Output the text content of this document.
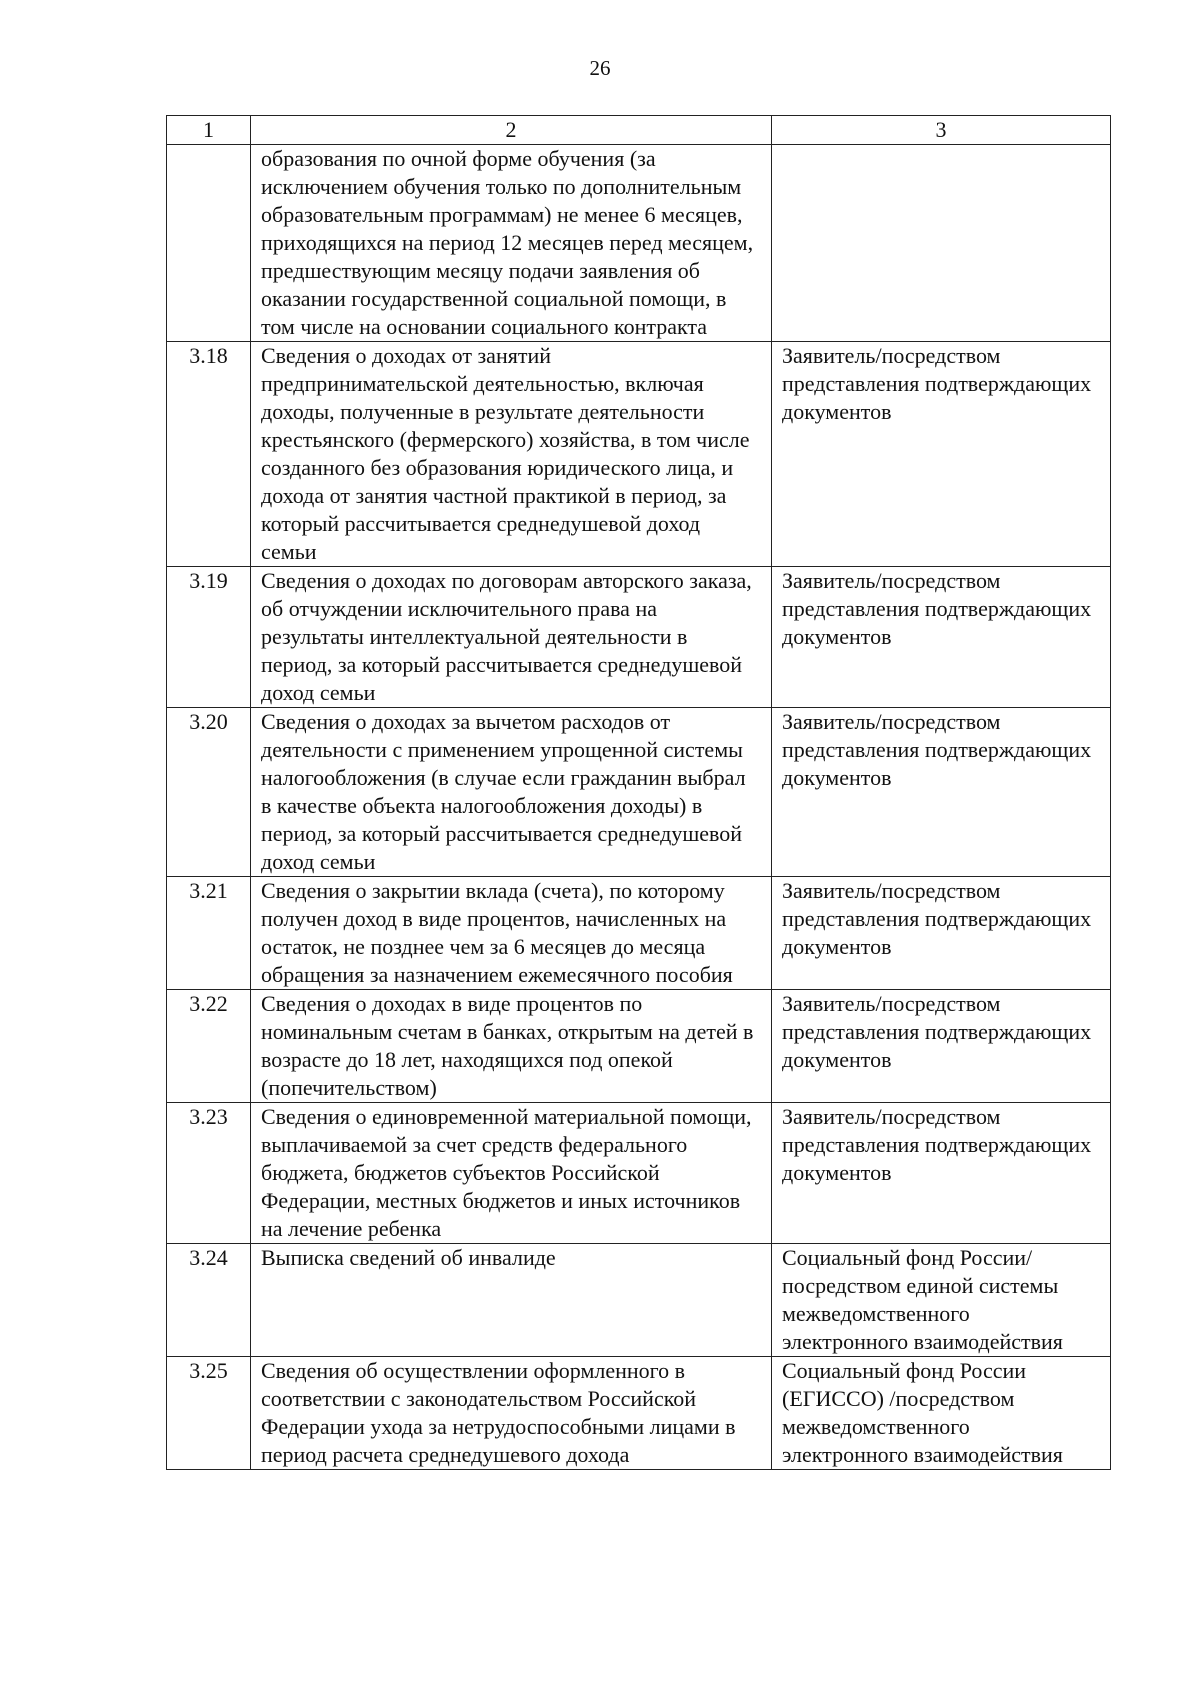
26
1	2	3
	образования по очной форме обучения (за исключением обучения только по дополнительным образовательным программам) не менее 6 месяцев, приходящихся на период 12 месяцев перед месяцем, предшествующим месяцу подачи заявления об оказании государственной социальной помощи, в том числе на основании социального контракта	
3.18	Сведения о доходах от занятий предпринимательской деятельностью, включая доходы, полученные в результате деятельности крестьянского (фермерского) хозяйства, в том числе созданного без образования юридического лица, и дохода от занятия частной практикой в период, за который рассчитывается среднедушевой доход семьи	Заявитель/посредством представления подтверждающих документов
3.19	Сведения о доходах по договорам авторского заказа, об отчуждении исключительного права на результаты интеллектуальной деятельности в период, за который рассчитывается среднедушевой доход семьи	Заявитель/посредством представления подтверждающих документов
3.20	Сведения о доходах за вычетом расходов от деятельности с применением упрощенной системы налогообложения (в случае если гражданин выбрал в качестве объекта налогообложения доходы) в период, за который рассчитывается среднедушевой доход семьи	Заявитель/посредством представления подтверждающих документов
3.21	Сведения о закрытии вклада (счета), по которому получен доход в виде процентов, начисленных на остаток, не позднее чем за 6 месяцев до месяца обращения за назначением ежемесячного пособия	Заявитель/посредством представления подтверждающих документов
3.22	Сведения о доходах в виде процентов по номинальным счетам в банках, открытым на детей в возрасте до 18 лет, находящихся под опекой (попечительством)	Заявитель/посредством представления подтверждающих документов
3.23	Сведения о единовременной материальной помощи, выплачиваемой за счет средств федерального бюджета, бюджетов субъектов Российской Федерации, местных бюджетов и иных источников на лечение ребенка	Заявитель/посредством представления подтверждающих документов
3.24	Выписка сведений об инвалиде	Социальный фонд России/посредством единой системы межведомственного электронного взаимодействия
3.25	Сведения об осуществлении оформленного в соответствии с законодательством Российской Федерации ухода за нетрудоспособными лицами в период расчета среднедушевого дохода	Социальный фонд России (ЕГИССО) /посредством межведомственного электронного взаимодействия
